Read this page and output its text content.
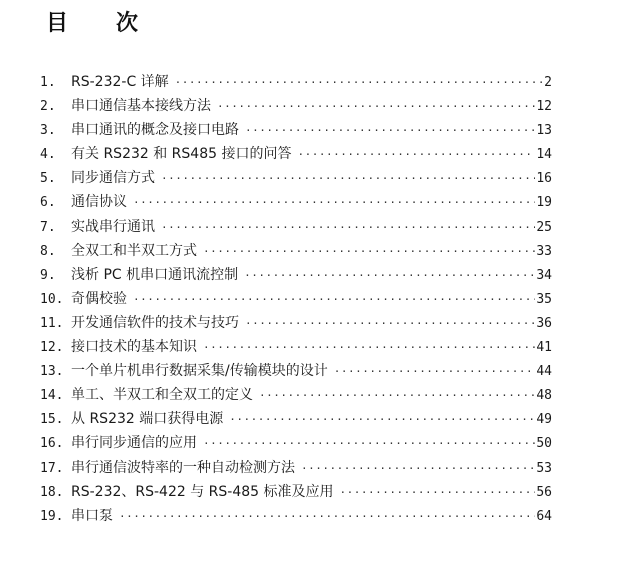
目 次
1.	RS-232-C 详解 ·····	2
2.	串口通信基本接线方法 ·····	12
3.	串口通讯的概念及接口电路 ·····	13
4.	有关 RS232 和 RS485 接口的问答 ·····	14
5.	同步通信方式 ·····	16
6.	通信协议 ·····	19
7.	实战串行通讯 ·····	25
8.	全双工和半双工方式 ·····	33
9.	浅析 PC 机串口通讯流控制 ·····	34
10. 奇偶校验 ·····	35
11. 开发通信软件的技术与技巧 ·····	36
12. 接口技术的基本知识 ·····	41
13. 一个单片机串行数据采集/传输模块的设计 ·····	44
14. 单工、半双工和全双工的定义 ·····	48
15. 从 RS232 端口获得电源 ·····	49
16. 串行同步通信的应用 ·····	50
17. 串行通信波特率的一种自动检测方法 ·····	53
18. RS-232、RS-422 与 RS-485 标准及应用 ·····	56
19. 串口泵 ·····	64
